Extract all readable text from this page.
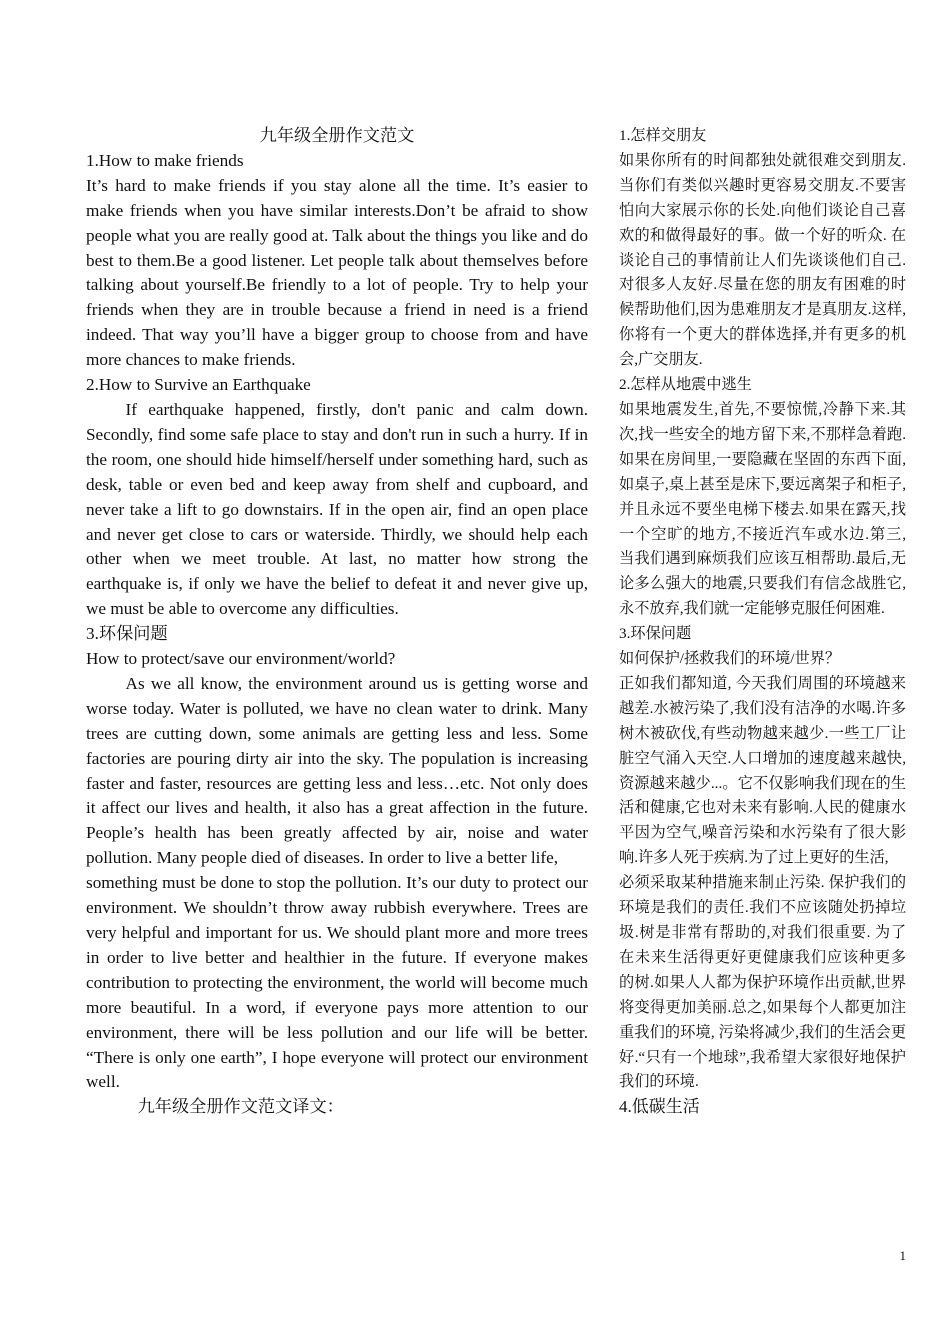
九年级全册作文范文

1.How to make friends

It’s hard to make friends if you stay alone all the time. It’s easier to make friends when you have similar interests.Don’t be afraid to show people what you are really good at. Talk about the things you like and do best to them.Be a good listener. Let people talk about themselves before talking about yourself.Be friendly to a lot of people. Try to help your friends when they are in trouble because a friend in need is a friend indeed. That way you’ll have a bigger group to choose from and have more chances to make friends.

2.How to Survive an Earthquake

If earthquake happened, firstly, don't panic and calm down. Secondly, find some safe place to stay and don't run in such a hurry. If in the room, one should hide himself/herself under something hard, such as desk, table or even bed and keep away from shelf and cupboard, and never take a lift to go downstairs. If in the open air, find an open place and never get close to cars or waterside. Thirdly, we should help each other when we meet trouble. At last, no matter how strong the earthquake is, if only we have the belief to defeat it and never give up, we must be able to overcome any difficulties.

3.环保问题

How to protect/save our environment/world?

As we all know, the environment around us is getting worse and worse today. Water is polluted, we have no clean water to drink. Many trees are cutting down, some animals are getting less and less. Some factories are pouring dirty air into the sky. The population is increasing faster and faster, resources are getting less and less…etc. Not only does it affect our lives and health, it also has a great affection in the future. People’s health has been greatly affected by air, noise and water pollution. Many people died of diseases. In order to live a better life,

something must be done to stop the pollution. It’s our duty to protect our environment. We shouldn’t throw away rubbish everywhere. Trees are very helpful and important for us. We should plant more and more trees in order to live better and healthier in the future. If everyone makes contribution to protecting the environment, the world will become much more beautiful. In a word, if everyone pays more attention to our environment, there will be less pollution and our life will be better. “There is only one earth”, I hope everyone will protect our environment well.

九年级全册作文范文译文：

1.怎样交朋友

如果你所有的时间都独处就很难交到朋友.当你们有类似兴趣时更容易交朋友.不要害怕向大家展示你的长处.向他们谈论自己喜欢的和做得最好的事。做一个好的听众. 在谈论自己的事情前让人们先谈谈他们自己.对很多人友好.尽量在您的朋友有困难的时候帮助他们,因为患难朋友才是真朋友.这样,你将有一个更大的群体选择,并有更多的机会,广交朋友.

2.怎样从地震中逃生

如果地震发生,首先,不要惊慌,冷静下来.其次,找一些安全的地方留下来,不那样急着跑.如果在房间里,一要隐藏在坚固的东西下面,如桌子,桌上甚至是床下,要远离架子和柜子,并且永远不要坐电梯下楼去.如果在露天,找一个空旷的地方,不接近汽车或水边.第三, 当我们遇到麻烦我们应该互相帮助.最后,无论多么强大的地震,只要我们有信念战胜它,永不放弃,我们就一定能够克服任何困难.

3.环保问题

如何保护/拯救我们的环境/世界？

正如我们都知道, 今天我们周围的环境越来越差.水被污染了,我们没有洁净的水喝.许多树木被砍伐,有些动物越来越少.一些工厂让脏空气涌入天空.人口增加的速度越来越快,资源越来越少...。它不仅影响我们现在的生活和健康,它也对未来有影响.人民的健康水平因为空气,噪音污染和水污染有了很大影响.许多人死于疾病.为了过上更好的生活,

必须采取某种措施来制止污染. 保护我们的环境是我们的责任.我们不应该随处扔掉垃圾.树是非常有帮助的,对我们很重要. 为了在未来生活得更好更健康我们应该种更多的树.如果人人都为保护环境作出贡献,世界将变得更加美丽.总之,如果每个人都更加注重我们的环境, 污染将减少,我们的生活会更好.“只有一个地球”,我希望大家很好地保护我们的环境.

4.低碳生活

1
